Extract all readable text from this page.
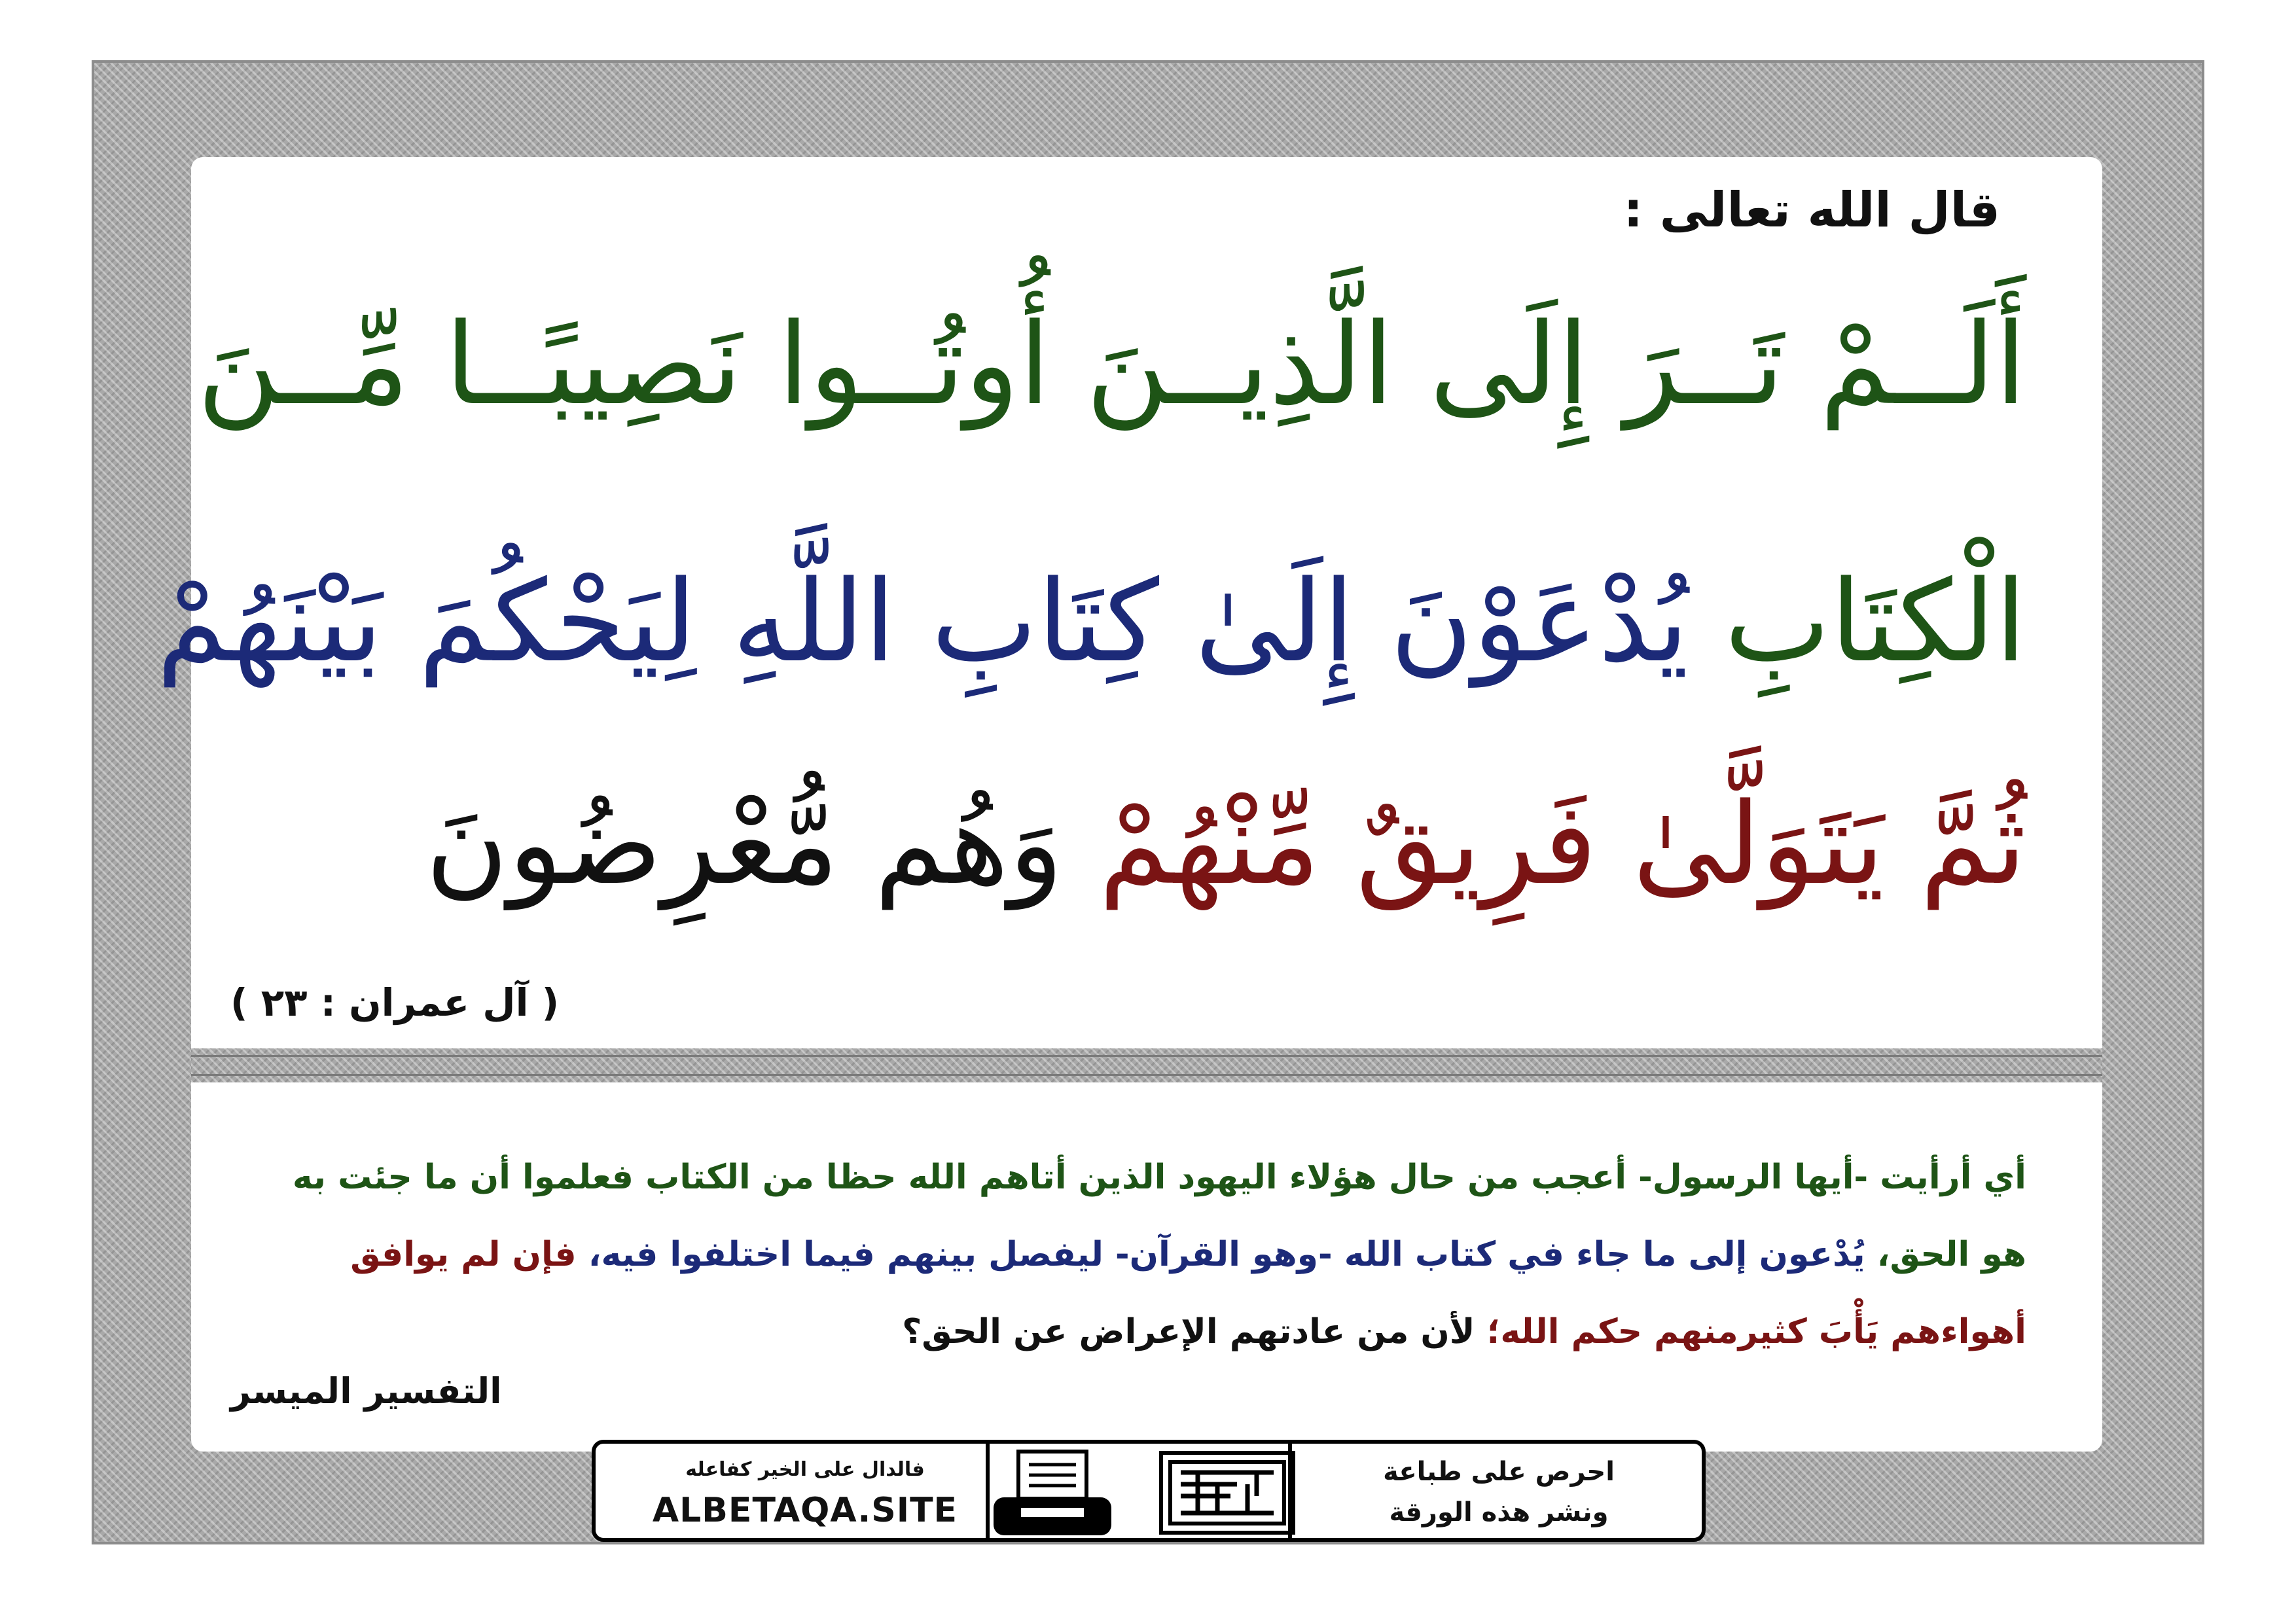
قال الله تعالى :
أَلَــمْ تَــرَ إِلَى الَّذِيــنَ أُوتُــوا نَصِيبًــا مِّــنَ
الْكِتَابِ يُدْعَوْنَ إِلَىٰ كِتَابِ اللَّهِ لِيَحْكُمَ بَيْنَهُمْ
ثُمَّ يَتَوَلَّىٰ فَرِيقٌ مِّنْهُمْ وَهُم مُّعْرِضُونَ
( آل عمران : ٢٣ )
أي أرأيت -أيها الرسول- أعجب من حال هؤلاء اليهود الذين أتاهم الله حظا من الكتاب فعلموا أن ما جئت به هو الحق، يُدْعون إلى ما جاء في كتاب الله -وهو القرآن- ليفصل بينهم فيما اختلفوا فيه، فإن لم يوافق أهواءهم يَأْبَ كثيرمنهم حكم الله؛ لأن من عادتهم الإعراض عن الحق؟
التفسير الميسر
احرص على طباعة
ونشر هذه الورقة
فالدال على الخير كفاعله
ALBETAQA.SITE
